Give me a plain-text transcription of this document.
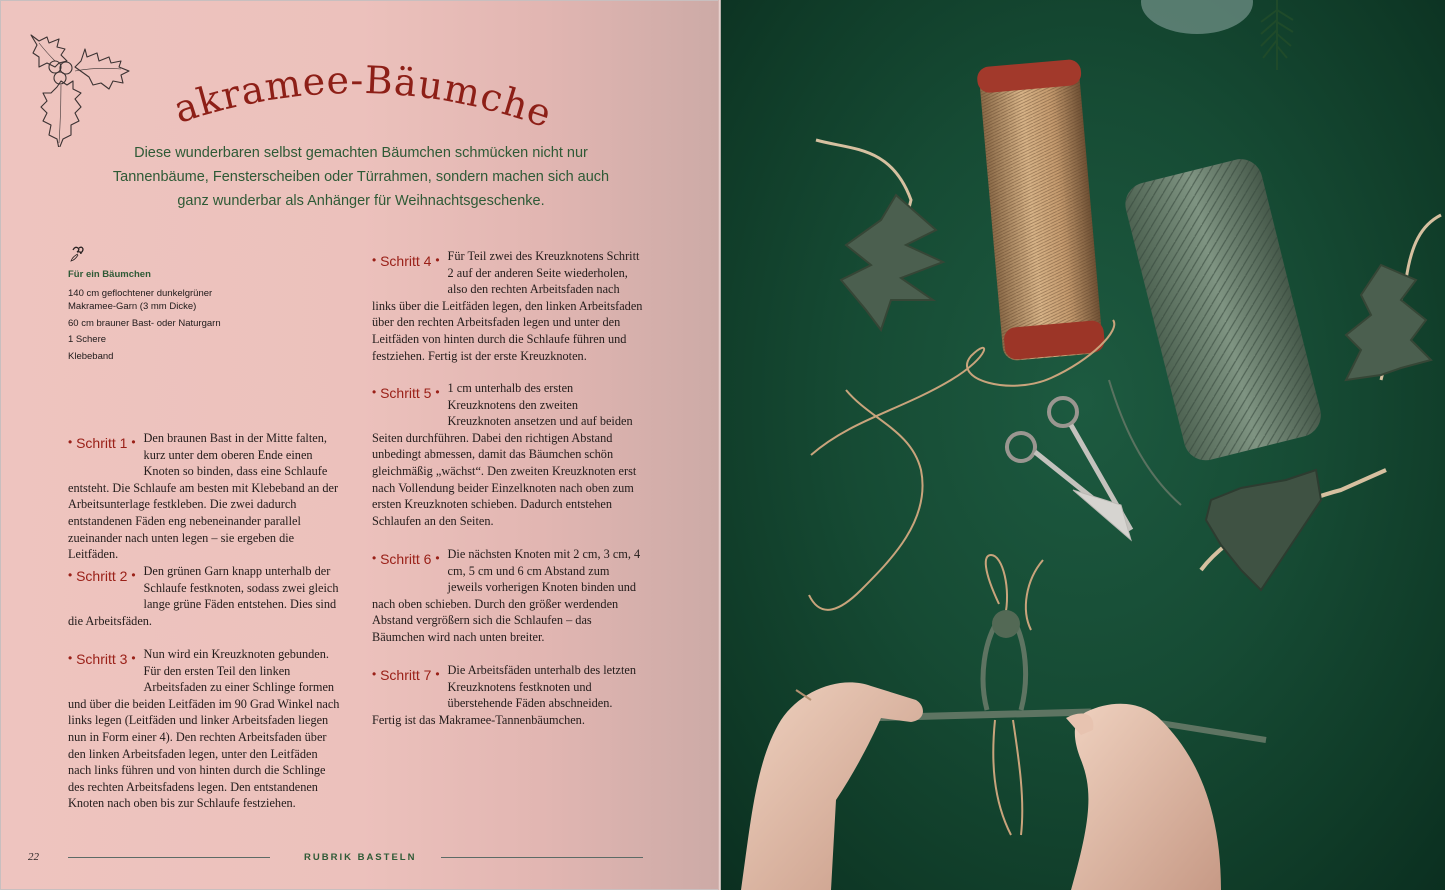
Makramee-Bäumchen
Diese wunderbaren selbst gemachten Bäumchen schmücken nicht nur
Tannenbäume, Fensterscheiben oder Türrahmen, sondern machen sich auch
ganz wunderbar als Anhänger für Weihnachtsgeschenke.
Für ein Bäumchen
140 cm geflochtener dunkelgrüner Makramee-Garn (3 mm Dicke)
60 cm brauner Bast- oder Naturgarn
1 Schere
Klebeband
• Schritt 1 • Den braunen Bast in der Mitte falten, kurz unter dem oberen Ende einen Knoten so binden, dass eine Schlaufe entsteht. Die Schlaufe am besten mit Klebeband an der Arbeitsunterlage festkleben. Die zwei dadurch entstandenen Fäden eng nebeneinander parallel zueinander nach unten legen – sie ergeben die Leitfäden.
• Schritt 2 • Den grünen Garn knapp unterhalb der Schlaufe festknoten, sodass zwei gleich lange grüne Fäden entstehen. Dies sind die Arbeitsfäden.
• Schritt 3 • Nun wird ein Kreuzknoten gebunden. Für den ersten Teil den linken Arbeitsfaden zu einer Schlinge formen und über die beiden Leitfäden im 90 Grad Winkel nach links legen (Leitfäden und linker Arbeitsfaden liegen nun in Form einer 4). Den rechten Arbeitsfaden über den linken Arbeitsfaden legen, unter den Leitfäden nach links führen und von hinten durch die Schlinge des rechten Arbeitsfadens legen. Den entstandenen Knoten nach oben bis zur Schlaufe festziehen.
• Schritt 4 • Für Teil zwei des Kreuzknotens Schritt 2 auf der anderen Seite wiederholen, also den rechten Arbeitsfaden nach links über die Leitfäden legen, den linken Arbeitsfaden über den rechten Arbeitsfaden legen und unter den Leitfäden von hinten durch die Schlaufe führen und festziehen. Fertig ist der erste Kreuzknoten.
• Schritt 5 • 1 cm unterhalb des ersten Kreuzknotens den zweiten Kreuzknoten ansetzen und auf beiden Seiten durchführen. Dabei den richtigen Abstand unbedingt abmessen, damit das Bäumchen schön gleichmäßig „wächst“. Den zweiten Kreuzknoten erst nach Vollendung beider Einzelknoten nach oben zum ersten Kreuzknoten schieben. Dadurch entstehen Schlaufen an den Seiten.
• Schritt 6 • Die nächsten Knoten mit 2 cm, 3 cm, 4 cm, 5 cm und 6 cm Abstand zum jeweils vorherigen Knoten binden und nach oben schieben. Durch den größer werdenden Abstand vergrößern sich die Schlaufen – das Bäumchen wird nach unten breiter.
• Schritt 7 • Die Arbeitsfäden unterhalb des letzten Kreuzknotens festknoten und überstehende Fäden abschneiden. Fertig ist das Makramee-Tannenbäumchen.
22	RUBRIK BASTELN
